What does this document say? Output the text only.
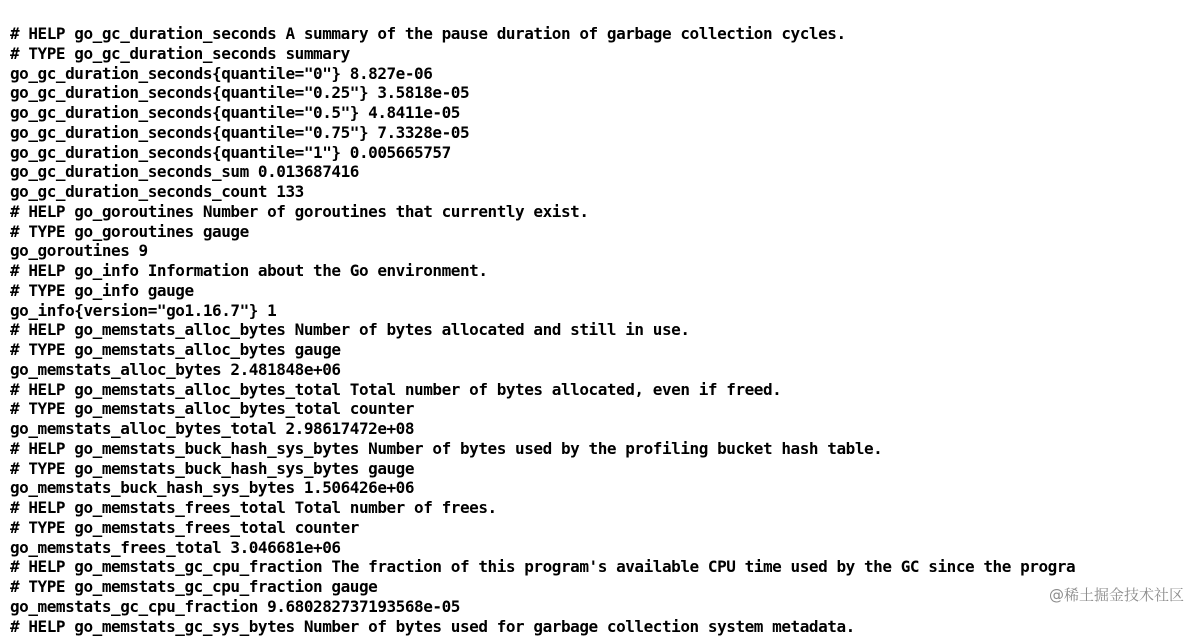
# HELP go_gc_duration_seconds A summary of the pause duration of garbage collection cycles.
# TYPE go_gc_duration_seconds summary
go_gc_duration_seconds{quantile="0"} 8.827e-06
go_gc_duration_seconds{quantile="0.25"} 3.5818e-05
go_gc_duration_seconds{quantile="0.5"} 4.8411e-05
go_gc_duration_seconds{quantile="0.75"} 7.3328e-05
go_gc_duration_seconds{quantile="1"} 0.005665757
go_gc_duration_seconds_sum 0.013687416
go_gc_duration_seconds_count 133
# HELP go_goroutines Number of goroutines that currently exist.
# TYPE go_goroutines gauge
go_goroutines 9
# HELP go_info Information about the Go environment.
# TYPE go_info gauge
go_info{version="go1.16.7"} 1
# HELP go_memstats_alloc_bytes Number of bytes allocated and still in use.
# TYPE go_memstats_alloc_bytes gauge
go_memstats_alloc_bytes 2.481848e+06
# HELP go_memstats_alloc_bytes_total Total number of bytes allocated, even if freed.
# TYPE go_memstats_alloc_bytes_total counter
go_memstats_alloc_bytes_total 2.98617472e+08
# HELP go_memstats_buck_hash_sys_bytes Number of bytes used by the profiling bucket hash table.
# TYPE go_memstats_buck_hash_sys_bytes gauge
go_memstats_buck_hash_sys_bytes 1.506426e+06
# HELP go_memstats_frees_total Total number of frees.
# TYPE go_memstats_frees_total counter
go_memstats_frees_total 3.046681e+06
# HELP go_memstats_gc_cpu_fraction The fraction of this program's available CPU time used by the GC since the progra
# TYPE go_memstats_gc_cpu_fraction gauge
go_memstats_gc_cpu_fraction 9.680282737193568e-05
# HELP go_memstats_gc_sys_bytes Number of bytes used for garbage collection system metadata.
@稀土掘金技术社区
